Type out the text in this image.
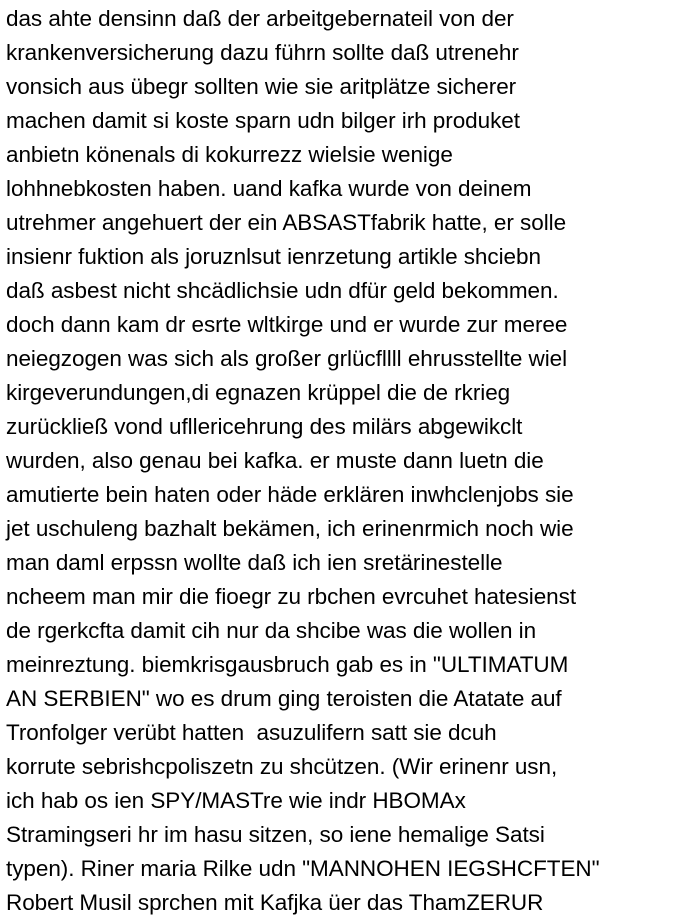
das ahte densinn daß der arbeitgebernateil von der
krankenversicherung dazu führn sollte daß utrenehr
vonsich aus übegr sollten wie sie aritplätze sicherer
machen damit si koste sparn udn bilger irh produket
anbietn könenals di kokurrezz wielsie wenige
lohhnebkosten haben. uand kafka wurde von deinem
utrehmer angehuert der ein ABSASTfabrik hatte, er solle
insienr fuktion als joruznlsut ienrzetung artikle shciebn
daß asbest nicht shcädlichsie udn dfür geld bekommen.
doch dann kam dr esrte wltkirge und er wurde zur meree
neiegzogen was sich als großer grlücfllll ehrusstellte wiel
kirgeverundungen,di egnazen krüppel die de rkrieg
zurückließ vond ufllericehrung des milärs abgewikclt
wurden, also genau bei kafka. er muste dann luetn die
amutierte bein haten oder häde erklären inwhclenjobs sie
jet uschuleng bazhalt bekämen, ich erinenrmich noch wie
man daml erpssn wollte daß ich ien sretärinestelle
ncheem man mir die fioegr zu rbchen evrcuhet hatesienst
de rgerkcfta damit cih nur da shcibe was die wollen in
meinreztung. biemkrisgausbruch gab es in "ULTIMATUM
AN SERBIEN" wo es drum ging teroisten die Atatate auf
Tronfolger verübt hatten  asuzulifern satt sie dcuh
korrute sebrishcpoliszetn zu shcützen. (Wir erinenr usn,
ich hab os ien SPY/MASTre wie indr HBOMAx
Stramingseri hr im hasu sitzen, so iene hemalige Satsi
typen). Riner maria Rilke udn "MANNOHEN IEGSHCFTEN"
Robert Musil sprchen mit Kafjka üer das ThamZERUR
